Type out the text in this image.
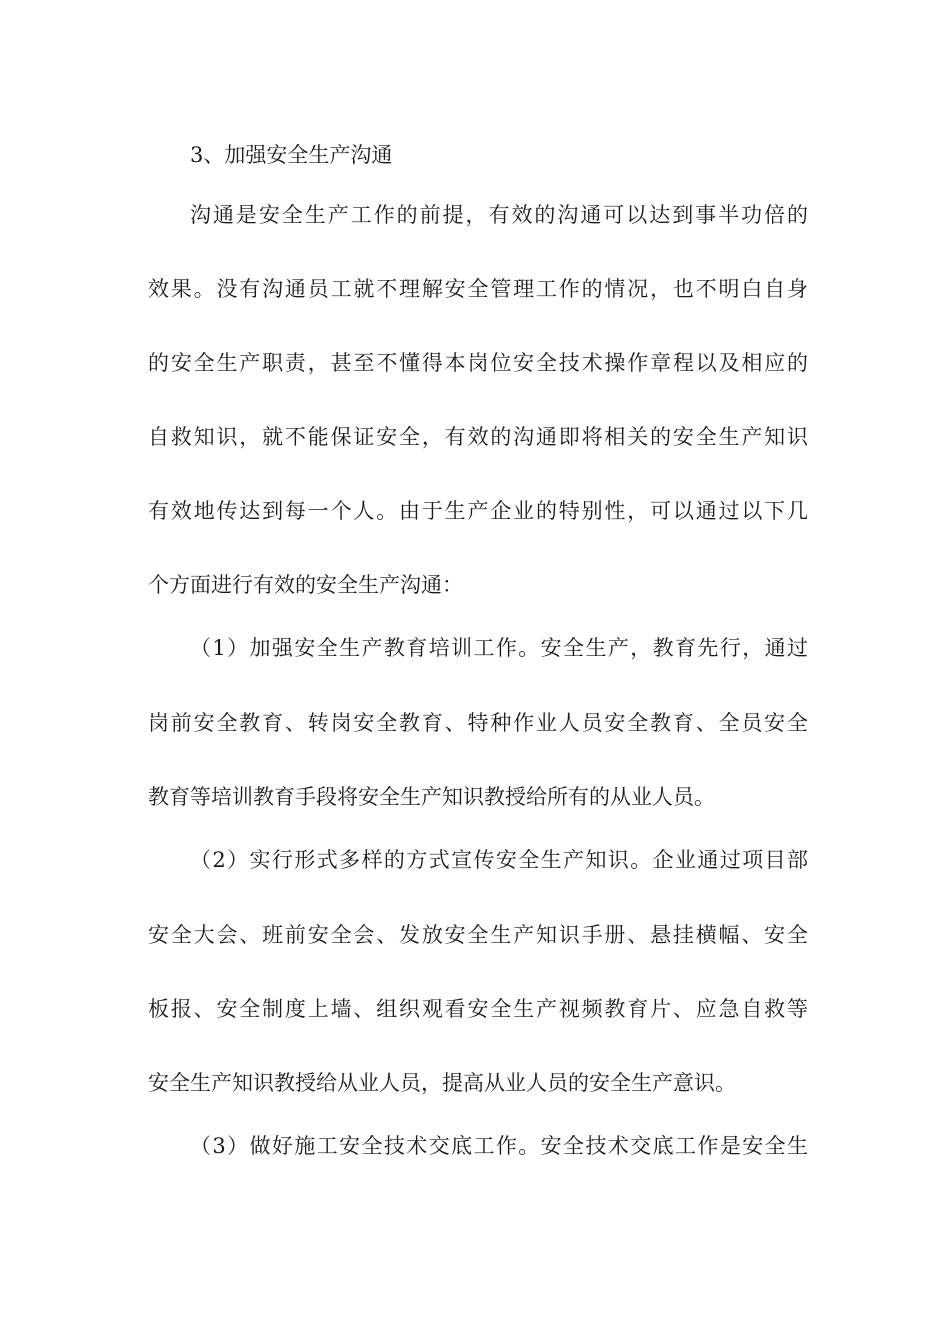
3、加强安全生产沟通
沟通是安全生产工作的前提，有效的沟通可以达到事半功倍的
效果。没有沟通员工就不理解安全管理工作的情况，也不明白自身
的安全生产职责，甚至不懂得本岗位安全技术操作章程以及相应的
自救知识，就不能保证安全，有效的沟通即将相关的安全生产知识
有效地传达到每一个人。由于生产企业的特别性，可以通过以下几
个方面进行有效的安全生产沟通：
（1）加强安全生产教育培训工作。安全生产，教育先行，通过
岗前安全教育、转岗安全教育、特种作业人员安全教育、全员安全
教育等培训教育手段将安全生产知识教授给所有的从业人员。
（2）实行形式多样的方式宣传安全生产知识。企业通过项目部
安全大会、班前安全会、发放安全生产知识手册、悬挂横幅、安全
板报、安全制度上墙、组织观看安全生产视频教育片、应急自救等
安全生产知识教授给从业人员，提高从业人员的安全生产意识。
（3）做好施工安全技术交底工作。安全技术交底工作是安全生
